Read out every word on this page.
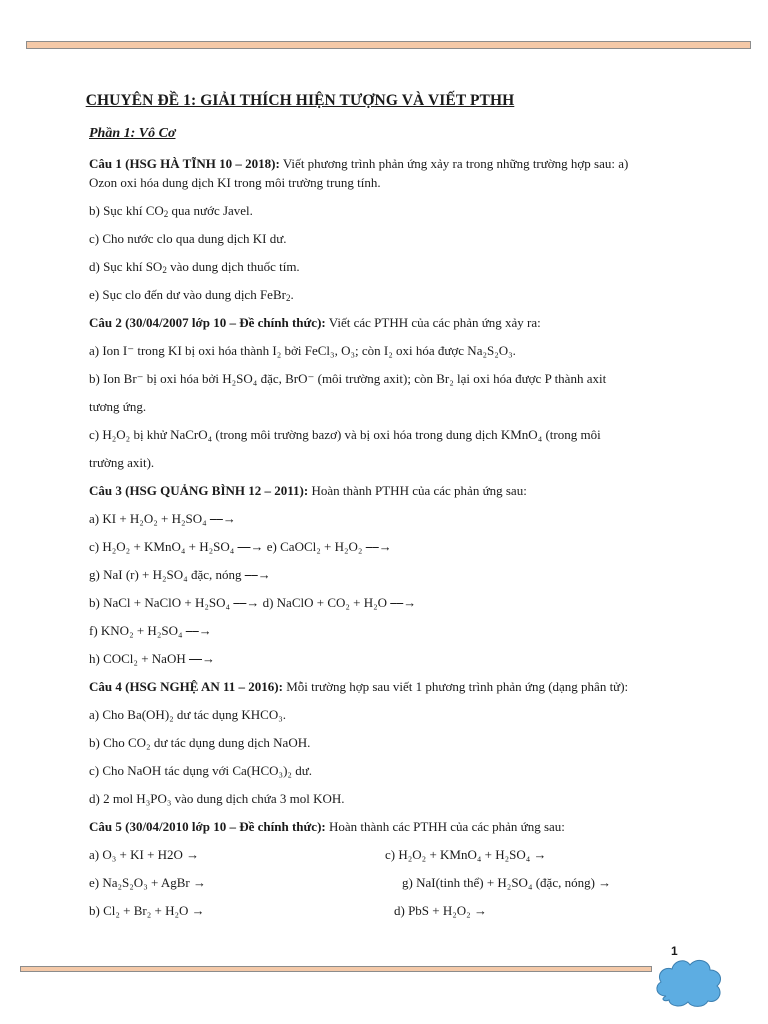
CHUYÊN ĐỀ 1: GIẢI THÍCH HIỆN TƯỢNG VÀ VIẾT PTHH
Phần 1: Vô Cơ
Câu 1 (HSG HÀ TĨNH 10 – 2018): Viết phương trình phản ứng xảy ra trong những trường hợp sau: a)
Ozon oxi hóa dung dịch KI trong môi trường trung tính.
b) Sục khí $CO_2$ qua nước Javel.
c) Cho nước clo qua dung dịch KI dư.
d) Sục khí $SO_2$ vào dung dịch thuốc tím.
e) Sục clo đến dư vào dung dịch FeBr$_2$.
Câu 2 (30/04/2007 lớp 10 – Đề chính thức): Viết các PTHH của các phản ứng xảy ra:
a) Ion I⁻ trong KI bị oxi hóa thành I₂ bởi FeCl₃, O₃; còn I₂ oxi hóa được Na₂S₂O₃.
b) Ion Br⁻ bị oxi hóa bởi H₂SO₄ đặc, BrO⁻ (môi trường axit); còn Br₂ lại oxi hóa được P thành axit
tương ứng.
c) H₂O₂ bị khử NaCrO₄ (trong môi trường bazơ) và bị oxi hóa trong dung dịch KMnO₄ (trong môi
trường axit).
Câu 3 (HSG QUẢNG BÌNH 12 – 2011): Hoàn thành PTHH của các phản ứng sau:
a) KI + H₂O₂ + H₂SO₄ ⎯⎯→
c) H₂O₂ + KMnO₄ + H₂SO₄ ⎯⎯→ e) CaOCl₂ + H₂O₂ ⎯⎯→
g) NaI (r) + H₂SO₄ đặc, nóng ⎯⎯→
b) NaCl + NaClO + H₂SO₄ ⎯⎯→ d) NaClO + CO₂ + H₂O ⎯⎯→
f) KNO₂ + H₂SO₄ ⎯⎯→
h) COCl₂ + NaOH ⎯⎯→
Câu 4 (HSG NGHỆ AN 11 – 2016): Mỗi trường hợp sau viết 1 phương trình phản ứng (dạng phân tử):
a) Cho Ba(OH)₂ dư tác dụng KHCO₃.
b) Cho CO₂ dư tác dụng dung dịch NaOH.
c) Cho NaOH tác dụng với Ca(HCO₃)₂ dư.
d) 2 mol H₃PO₃ vào dung dịch chứa 3 mol KOH.
Câu 5 (30/04/2010 lớp 10 – Đề chính thức): Hoàn thành các PTHH của các phản ứng sau:
a) O₃ + KI + H2O →	c) H₂O₂ + KMnO₄ + H₂SO₄ →
e) Na₂S₂O₃ + AgBr →	g) NaI(tinh thể) + H₂SO₄ (đặc, nóng) →
b) Cl₂ + Br₂ + H₂O →	d) PbS + H₂O₂ →
1
